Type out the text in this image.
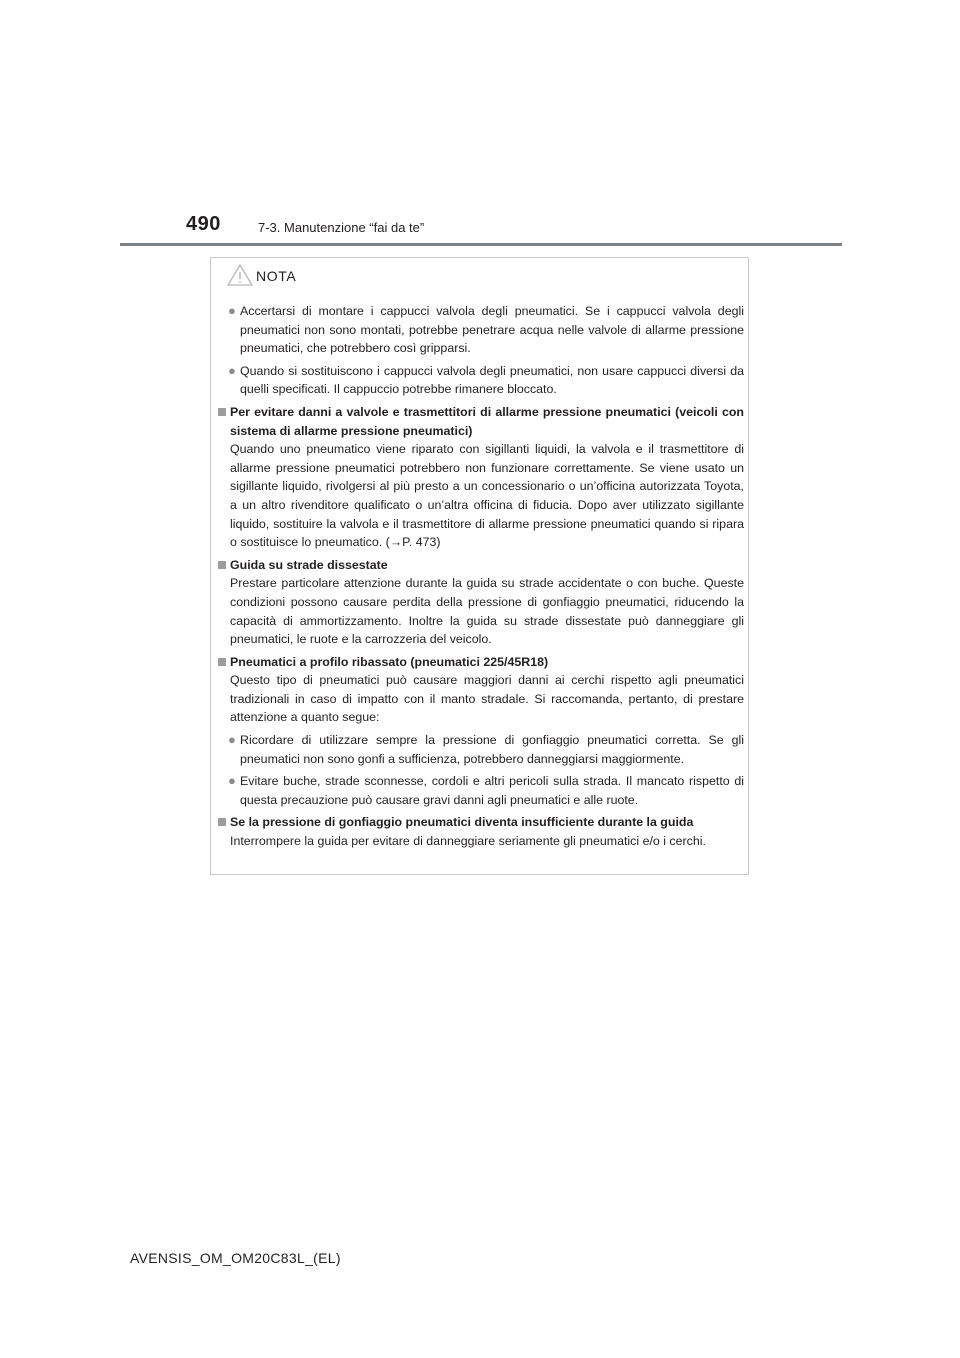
490	7-3. Manutenzione “fai da te”
NOTA
● Accertarsi di montare i cappucci valvola degli pneumatici. Se i cappucci valvola degli pneumatici non sono montati, potrebbe penetrare acqua nelle valvole di allarme pressione pneumatici, che potrebbero così gripparsi.
● Quando si sostituiscono i cappucci valvola degli pneumatici, non usare cappucci diversi da quelli specificati. Il cappuccio potrebbe rimanere bloccato.
Per evitare danni a valvole e trasmettitori di allarme pressione pneumatici (veicoli con sistema di allarme pressione pneumatici)

Quando uno pneumatico viene riparato con sigillanti liquidi, la valvola e il trasmettitore di allarme pressione pneumatici potrebbero non funzionare correttamente. Se viene usato un sigillante liquido, rivolgersi al più presto a un concessionario o un’officina autorizzata Toyota, a un altro rivenditore qualificato o un’altra officina di fiducia. Dopo aver utilizzato sigillante liquido, sostituire la valvola e il trasmettitore di allarme pressione pneumatici quando si ripara o sostituisce lo pneumatico. (→P. 473)

Guida su strade dissestate

Prestare particolare attenzione durante la guida su strade accidentate o con buche. Queste condizioni possono causare perdita della pressione di gonfiaggio pneumatici, riducendo la capacità di ammortizzamento. Inoltre la guida su strade dissestate può danneggiare gli pneumatici, le ruote e la carrozzeria del veicolo.

Pneumatici a profilo ribassato (pneumatici 225/45R18)

Questo tipo di pneumatici può causare maggiori danni ai cerchi rispetto agli pneumatici tradizionali in caso di impatto con il manto stradale. Si raccomanda, pertanto, di prestare attenzione a quanto segue:

● Ricordare di utilizzare sempre la pressione di gonfiaggio pneumatici corretta. Se gli pneumatici non sono gonfi a sufficienza, potrebbero danneggiarsi maggiormente.
● Evitare buche, strade sconnesse, cordoli e altri pericoli sulla strada. Il mancato rispetto di questa precauzione può causare gravi danni agli pneumatici e alle ruote.
Se la pressione di gonfiaggio pneumatici diventa insufficiente durante la guida

Interrompere la guida per evitare di danneggiare seriamente gli pneumatici e/o i cerchi.

AVENSIS_OM_OM20C83L_(EL)
